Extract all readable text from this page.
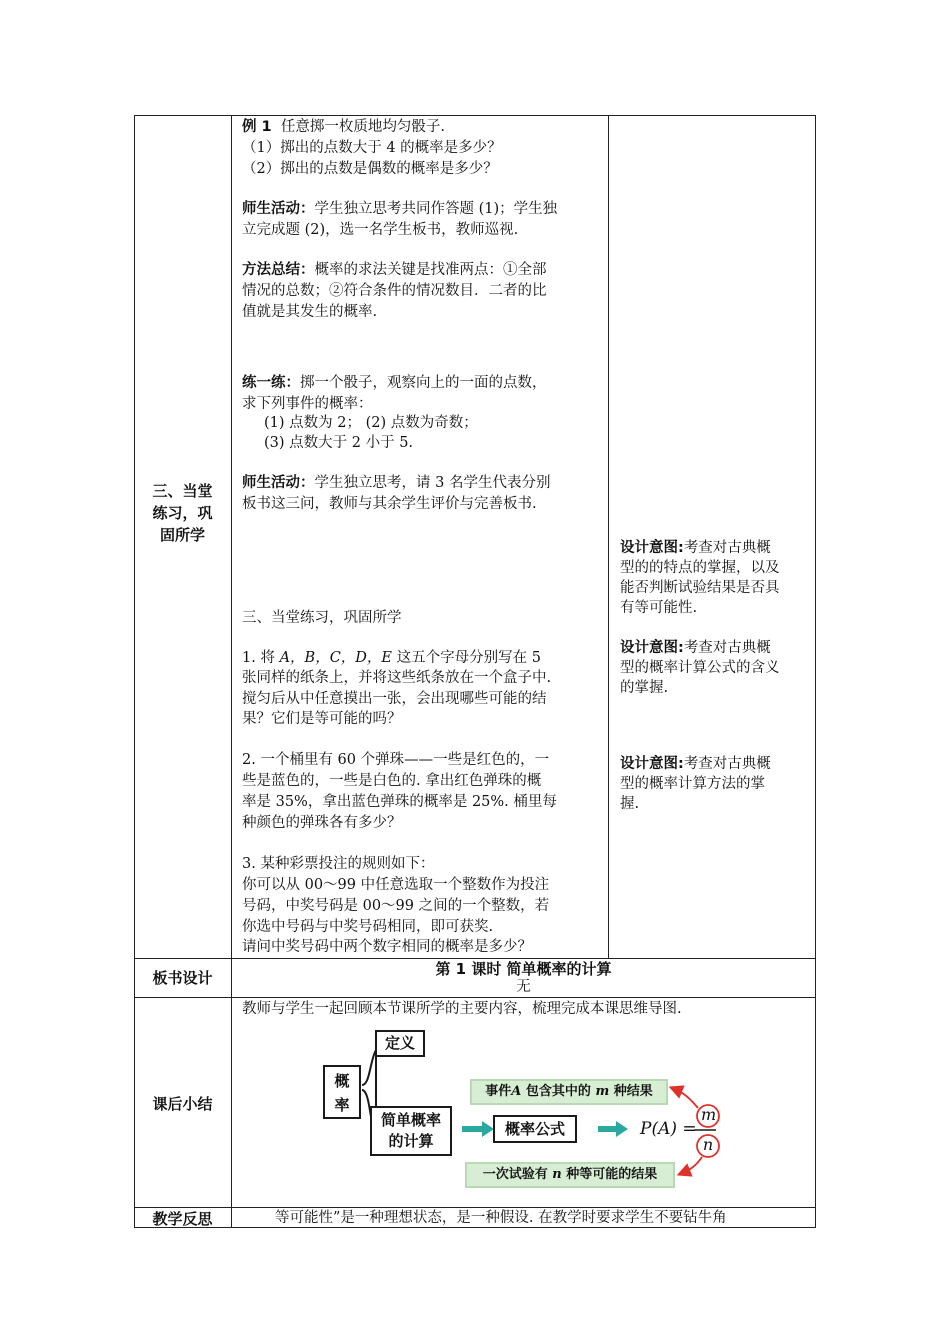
三、当堂
练习，巩
固所学
板书设计
课后小结
教学反思
例 1 任意掷一枚质地均匀骰子.
（1）掷出的点数大于 4 的概率是多少？
（2）掷出的点数是偶数的概率是多少？
师生活动：学生独立思考共同作答题 (1)；学生独
立完成题 (2)，选一名学生板书，教师巡视.
方法总结：概率的求法关键是找准两点：①全部
情况的总数；②符合条件的情况数目．二者的比
值就是其发生的概率.
练一练：掷一个骰子，观察向上的一面的点数，
求下列事件的概率：
(1) 点数为 2； (2) 点数为奇数；
(3) 点数大于 2 小于 5.
师生活动：学生独立思考，请 3 名学生代表分别
板书这三问，教师与其余学生评价与完善板书.
三、当堂练习，巩固所学
1. 将 A，B，C，D，E 这五个字母分别写在 5
张同样的纸条上，并将这些纸条放在一个盒子中.
搅匀后从中任意摸出一张，会出现哪些可能的结
果？它们是等可能的吗？
2. 一个桶里有 60 个弹珠——一些是红色的，一
些是蓝色的，一些是白色的. 拿出红色弹珠的概
率是 35%，拿出蓝色弹珠的概率是 25%. 桶里每
种颜色的弹珠各有多少？
3. 某种彩票投注的规则如下：
你可以从 00～99 中任意选取一个整数作为投注
号码，中奖号码是 00～99 之间的一个整数，若
你选中号码与中奖号码相同，即可获奖.
请问中奖号码中两个数字相同的概率是多少？
设计意图:考查对古典概
型的的特点的掌握，以及
能否判断试验结果是否具
有等可能性.
设计意图:考查对古典概
型的概率计算公式的含义
的掌握.
设计意图:考查对古典概
型的概率计算方法的掌
握.
第 1 课时 简单概率的计算
无
教师与学生一起回顾本节课所学的主要内容，梳理完成本课思维导图.
概
率
定义
简单概率
的计算
概率公式
事件A 包含其中的 m 种结果
一次试验有 n 种等可能的结果
P(A) =
m
n
等可能性”是一种理想状态，是一种假设. 在教学时要求学生不要钻牛角
